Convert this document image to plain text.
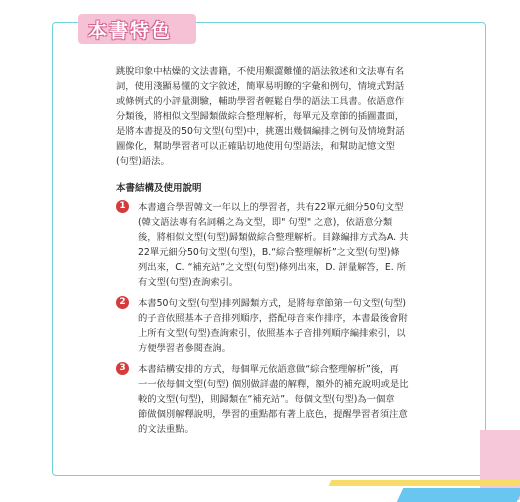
本書特色
跳脫印象中枯燥的文法書籍，不使用艱澀難懂的語法敘述和文法專有名
詞，使用淺顯易懂的文字敘述，簡單易明瞭的字彙和例句，情境式對話
或條例式的小評量測驗，輔助學習者輕鬆自學的語法工具書。依語意作
分類後，將相似文型歸類做綜合整理解析，每單元及章節的插圖畫面，
是將本書提及的50句文型(句型)中，挑選出幾個編排之例句及情境對話
圖像化，幫助學習者可以正確貼切地使用句型語法，和幫助記憶文型
(句型)語法。
本書結構及使用說明
1	本書適合學習韓文一年以上的學習者，共有22單元細分50句文型
(韓文語法專有名詞稱之為文型，即" 句型" 之意)，依語意分類
後，將相似文型(句型)歸類做綜合整理解析。目錄編排方式為A. 共
22單元細分50句文型(句型)，B.“綜合整理解析”之文型(句型)條
列出來，C. “補充站”之文型(句型)條列出來，D. 評量解答，E. 所
有文型(句型)查詢索引。
2	本書50句文型(句型)排列歸類方式，是將每章節第一句文型(句型)
的子音依照基本子音排列順序，搭配母音來作排序，本書最後會附
上所有文型(句型)查詢索引，依照基本子音排列順序編排索引，以
方便學習者參閱查詢。
3	本書結構安排的方式，每個單元依語意做“綜合整理解析”後，再
一一依每個文型(句型) 個別做詳盡的解釋，額外的補充說明或是比
較的文型(句型)，則歸類在“補充站”。每個文型(句型)為一個章
節做個別解釋說明，學習的重點都有著上底色，提醒學習者須注意
的文法重點。
